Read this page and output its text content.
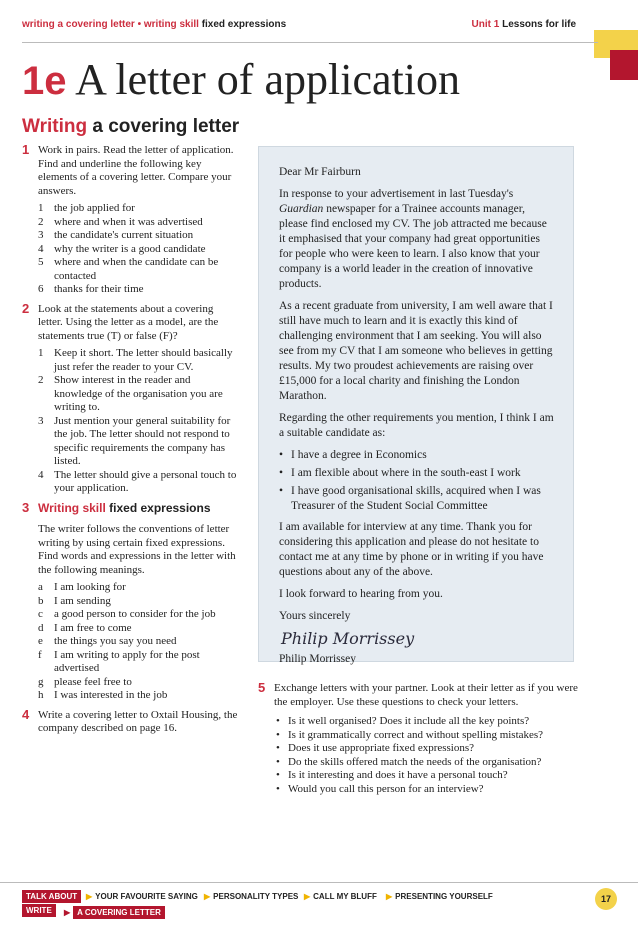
writing a covering letter • writing skill fixed expressions	Unit 1 Lessons for life
1e A letter of application
Writing a covering letter
1 Work in pairs. Read the letter of application. Find and underline the following key elements of a covering letter. Compare your answers.
1 the job applied for
2 where and when it was advertised
3 the candidate's current situation
4 why the writer is a good candidate
5 where and when the candidate can be contacted
6 thanks for their time
2 Look at the statements about a covering letter. Using the letter as a model, are the statements true (T) or false (F)?
1 Keep it short. The letter should basically just refer the reader to your CV.
2 Show interest in the reader and knowledge of the organisation you are writing to.
3 Just mention your general suitability for the job. The letter should not respond to specific requirements the company has listed.
4 The letter should give a personal touch to your application.
3 Writing skill fixed expressions
The writer follows the conventions of letter writing by using certain fixed expressions. Find words and expressions in the letter with the following meanings.
a I am looking for
b I am sending
c a good person to consider for the job
d I am free to come
e the things you say you need
f I am writing to apply for the post advertised
g please feel free to
h I was interested in the job
4 Write a covering letter to Oxtail Housing, the company described on page 16.

Dear Mr Fairburn

In response to your advertisement in last Tuesday's Guardian newspaper for a Trainee accounts manager, please find enclosed my CV. The job attracted me because it emphasised that your company had great opportunities for people who were keen to learn. I also know that your company is a world leader in the creation of innovative products.

As a recent graduate from university, I am well aware that I still have much to learn and it is exactly this kind of challenging environment that I am seeking. You will also see from my CV that I am someone who believes in getting results. My two proudest achievements are raising over £15,000 for a local charity and finishing the London Marathon.

Regarding the other requirements you mention, I think I am a suitable candidate as:

• I have a degree in Economics
• I am flexible about where in the south-east I work
• I have good organisational skills, acquired when I was Treasurer of the Student Social Committee

I am available for interview at any time. Thank you for considering this application and please do not hesitate to contact me at any time by phone or in writing if you have questions about any of the above.

I look forward to hearing from you.

Yours sincerely

Philip Morrissey

Philip Morrissey

5 Exchange letters with your partner. Look at their letter as if you were the employer. Use these questions to check your letters.
• Is it well organised? Does it include all the key points?
• Is it grammatically correct and without spelling mistakes?
• Does it use appropriate fixed expressions?
• Do the skills offered match the needs of the organisation?
• Is it interesting and does it have a personal touch?
• Would you call this person for an interview?
TALK ABOUT
WRITE
▶ YOUR FAVOURITE SAYING ▶ PERSONALITY TYPES ▶ CALL MY BLUFF ▶ PRESENTING YOURSELF
▶ A COVERING LETTER
17
